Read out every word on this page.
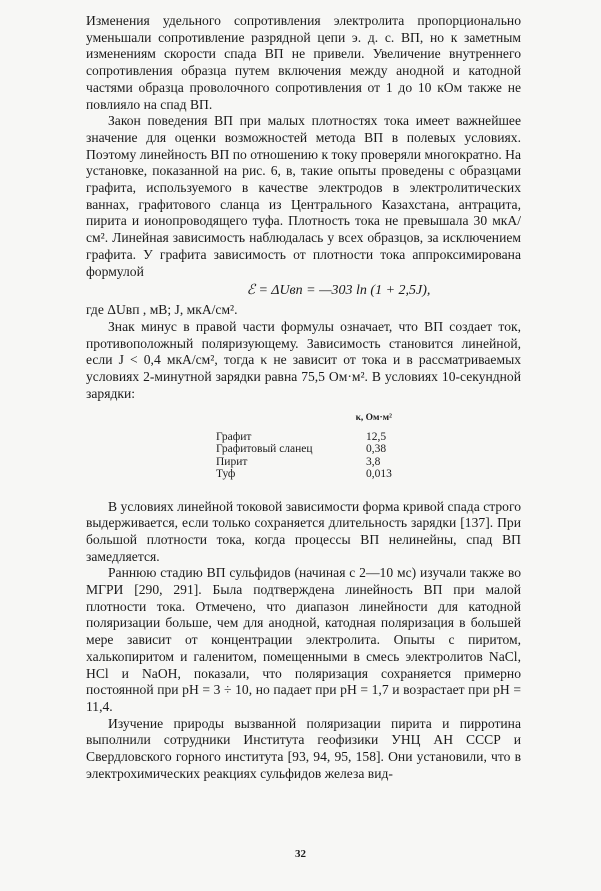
Изменения удельного сопротивления электролита пропорционально уменьшали сопротивление разрядной цепи э. д. с. ВП, но к заметным изменениям скорости спада ВП не привели. Увеличение внутреннего сопротивления образца путем включения между анодной и катодной частями образца проволочного сопротивления от 1 до 10 кОм также не повлияло на спад ВП.

Закон поведения ВП при малых плотностях тока имеет важнейшее значение для оценки возможностей метода ВП в полевых условиях. Поэтому линейность ВП по отношению к току проверяли многократно. На установке, показанной на рис. 6, в, такие опыты проведены с образцами графита, используемого в качестве электродов в электролитических ваннах, графитового сланца из Центрального Казахстана, антрацита, пирита и ионопроводящего туфа. Плотность тока не превышала 30 мкА/см². Линейная зависимость наблюдалась у всех образцов, за исключением графита. У графита зависимость от плотности тока аппроксимирована формулой

ℰ = ΔUвп = —303 ln (1 + 2,5J),

где ΔUвп , мВ; J, мкА/см².

Знак минус в правой части формулы означает, что ВП создает ток, противоположный поляризующему. Зависимость становится линейной, если J < 0,4 мкА/см², тогда κ не зависит от тока и в рассматриваемых условиях 2-минутной зарядки равна 75,5 Ом·м². В условиях 10-секундной зарядки:

κ, Ом·м²
Графит	12,5
Графитовый сланец	0,38
Пирит	3,8
Туф	0,013

В условиях линейной токовой зависимости форма кривой спада строго выдерживается, если только сохраняется длительность зарядки [137]. При большой плотности тока, когда процессы ВП нелинейны, спад ВП замедляется.

Раннюю стадию ВП сульфидов (начиная с 2—10 мс) изучали также во МГРИ [290, 291]. Была подтверждена линейность ВП при малой плотности тока. Отмечено, что диапазон линейности для катодной поляризации больше, чем для анодной, катодная поляризация в большей мере зависит от концентрации электролита. Опыты с пиритом, халькопиритом и галенитом, помещенными в смесь электролитов NaCl, HCl и NaOH, показали, что поляризация сохраняется примерно постоянной при pH = 3 ÷ 10, но падает при pH = 1,7 и возрастает при pH = 11,4.

Изучение природы вызванной поляризации пирита и пирротина выполнили сотрудники Института геофизики УНЦ АН СССР и Свердловского горного института [93, 94, 95, 158]. Они установили, что в электрохимических реакциях сульфидов железа вид-

32
